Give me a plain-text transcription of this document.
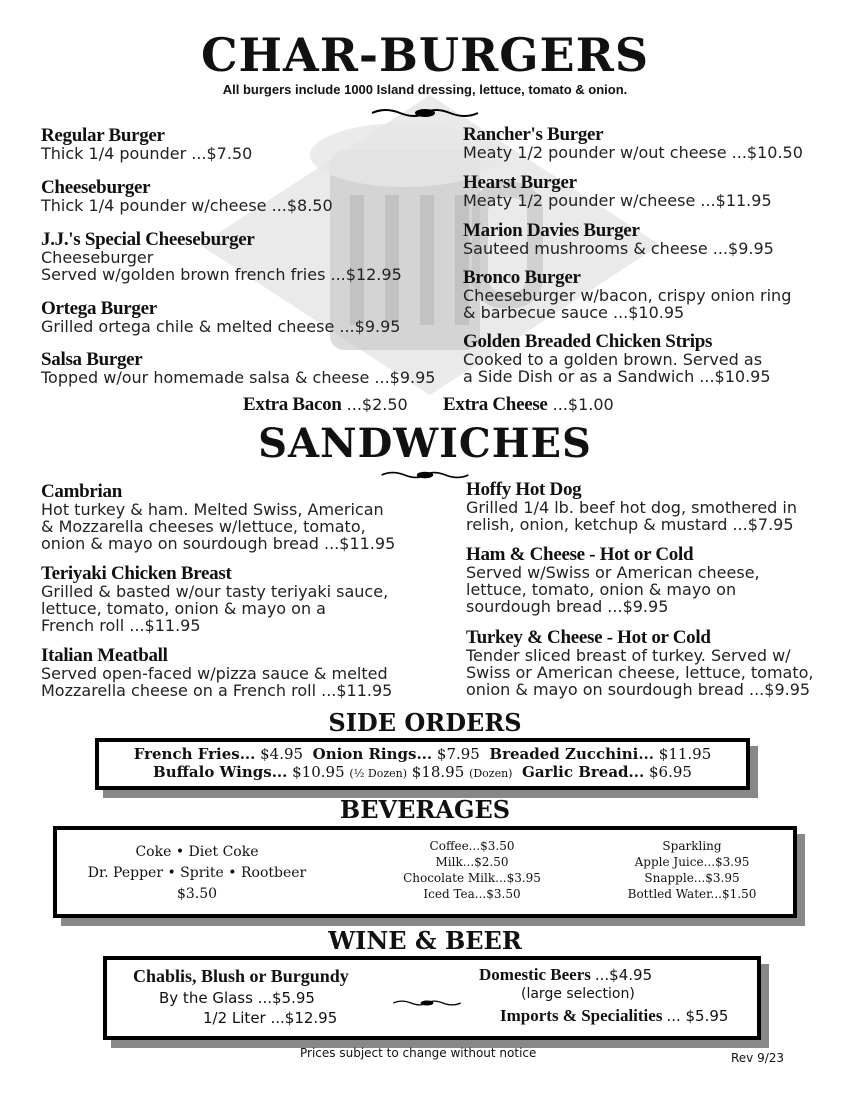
CHAR-BURGERS
All burgers include 1000 Island dressing, lettuce, tomato & onion.
Regular Burger
Thick 1/4 pounder ...$7.50
Cheeseburger
Thick 1/4 pounder w/cheese ...$8.50
J.J.'s Special Cheeseburger
Cheeseburger
Served w/golden brown french fries ...$12.95
Ortega Burger
Grilled ortega chile & melted cheese ...$9.95
Salsa Burger
Topped w/our homemade salsa & cheese ...$9.95
Rancher's Burger
Meaty 1/2 pounder w/out cheese ...$10.50
Hearst Burger
Meaty 1/2 pounder w/cheese ...$11.95
Marion Davies Burger
Sauteed mushrooms & cheese ...$9.95
Bronco Burger
Cheeseburger w/bacon, crispy onion ring
& barbecue sauce ...$10.95
Golden Breaded Chicken Strips
Cooked to a golden brown. Served as
a Side Dish or as a Sandwich ...$10.95
Extra Bacon ...$2.50 Extra Cheese ...$1.00
SANDWICHES
Cambrian
Hot turkey & ham. Melted Swiss, American
& Mozzarella cheeses w/lettuce, tomato,
onion & mayo on sourdough bread ...$11.95
Teriyaki Chicken Breast
Grilled & basted w/our tasty teriyaki sauce,
lettuce, tomato, onion & mayo on a
French roll ...$11.95
Italian Meatball
Served open-faced w/pizza sauce & melted
Mozzarella cheese on a French roll ...$11.95
Hoffy Hot Dog
Grilled 1/4 lb. beef hot dog, smothered in
relish, onion, ketchup & mustard ...$7.95
Ham & Cheese - Hot or Cold
Served w/Swiss or American cheese,
lettuce, tomato, onion & mayo on
sourdough bread ...$9.95
Turkey & Cheese - Hot or Cold
Tender sliced breast of turkey. Served w/
Swiss or American cheese, lettuce, tomato,
onion & mayo on sourdough bread ...$9.95
SIDE ORDERS
French Fries... $4.95 Onion Rings... $7.95 Breaded Zucchini... $11.95
Buffalo Wings... $10.95 (½ Dozen) $18.95 (Dozen) Garlic Bread... $6.95
BEVERAGES
Coke • Diet Coke
Dr. Pepper • Sprite • Rootbeer
$3.50
Coffee...$3.50
Milk...$2.50
Chocolate Milk...$3.95
Iced Tea...$3.50
Sparkling
Apple Juice...$3.95
Snapple...$3.95
Bottled Water...$1.50
WINE & BEER
Chablis, Blush or Burgundy
By the Glass ...$5.95
1/2 Liter ...$12.95
Domestic Beers ...$4.95
(large selection)
Imports & Specialities ... $5.95
Prices subject to change without notice	Rev 9/23
